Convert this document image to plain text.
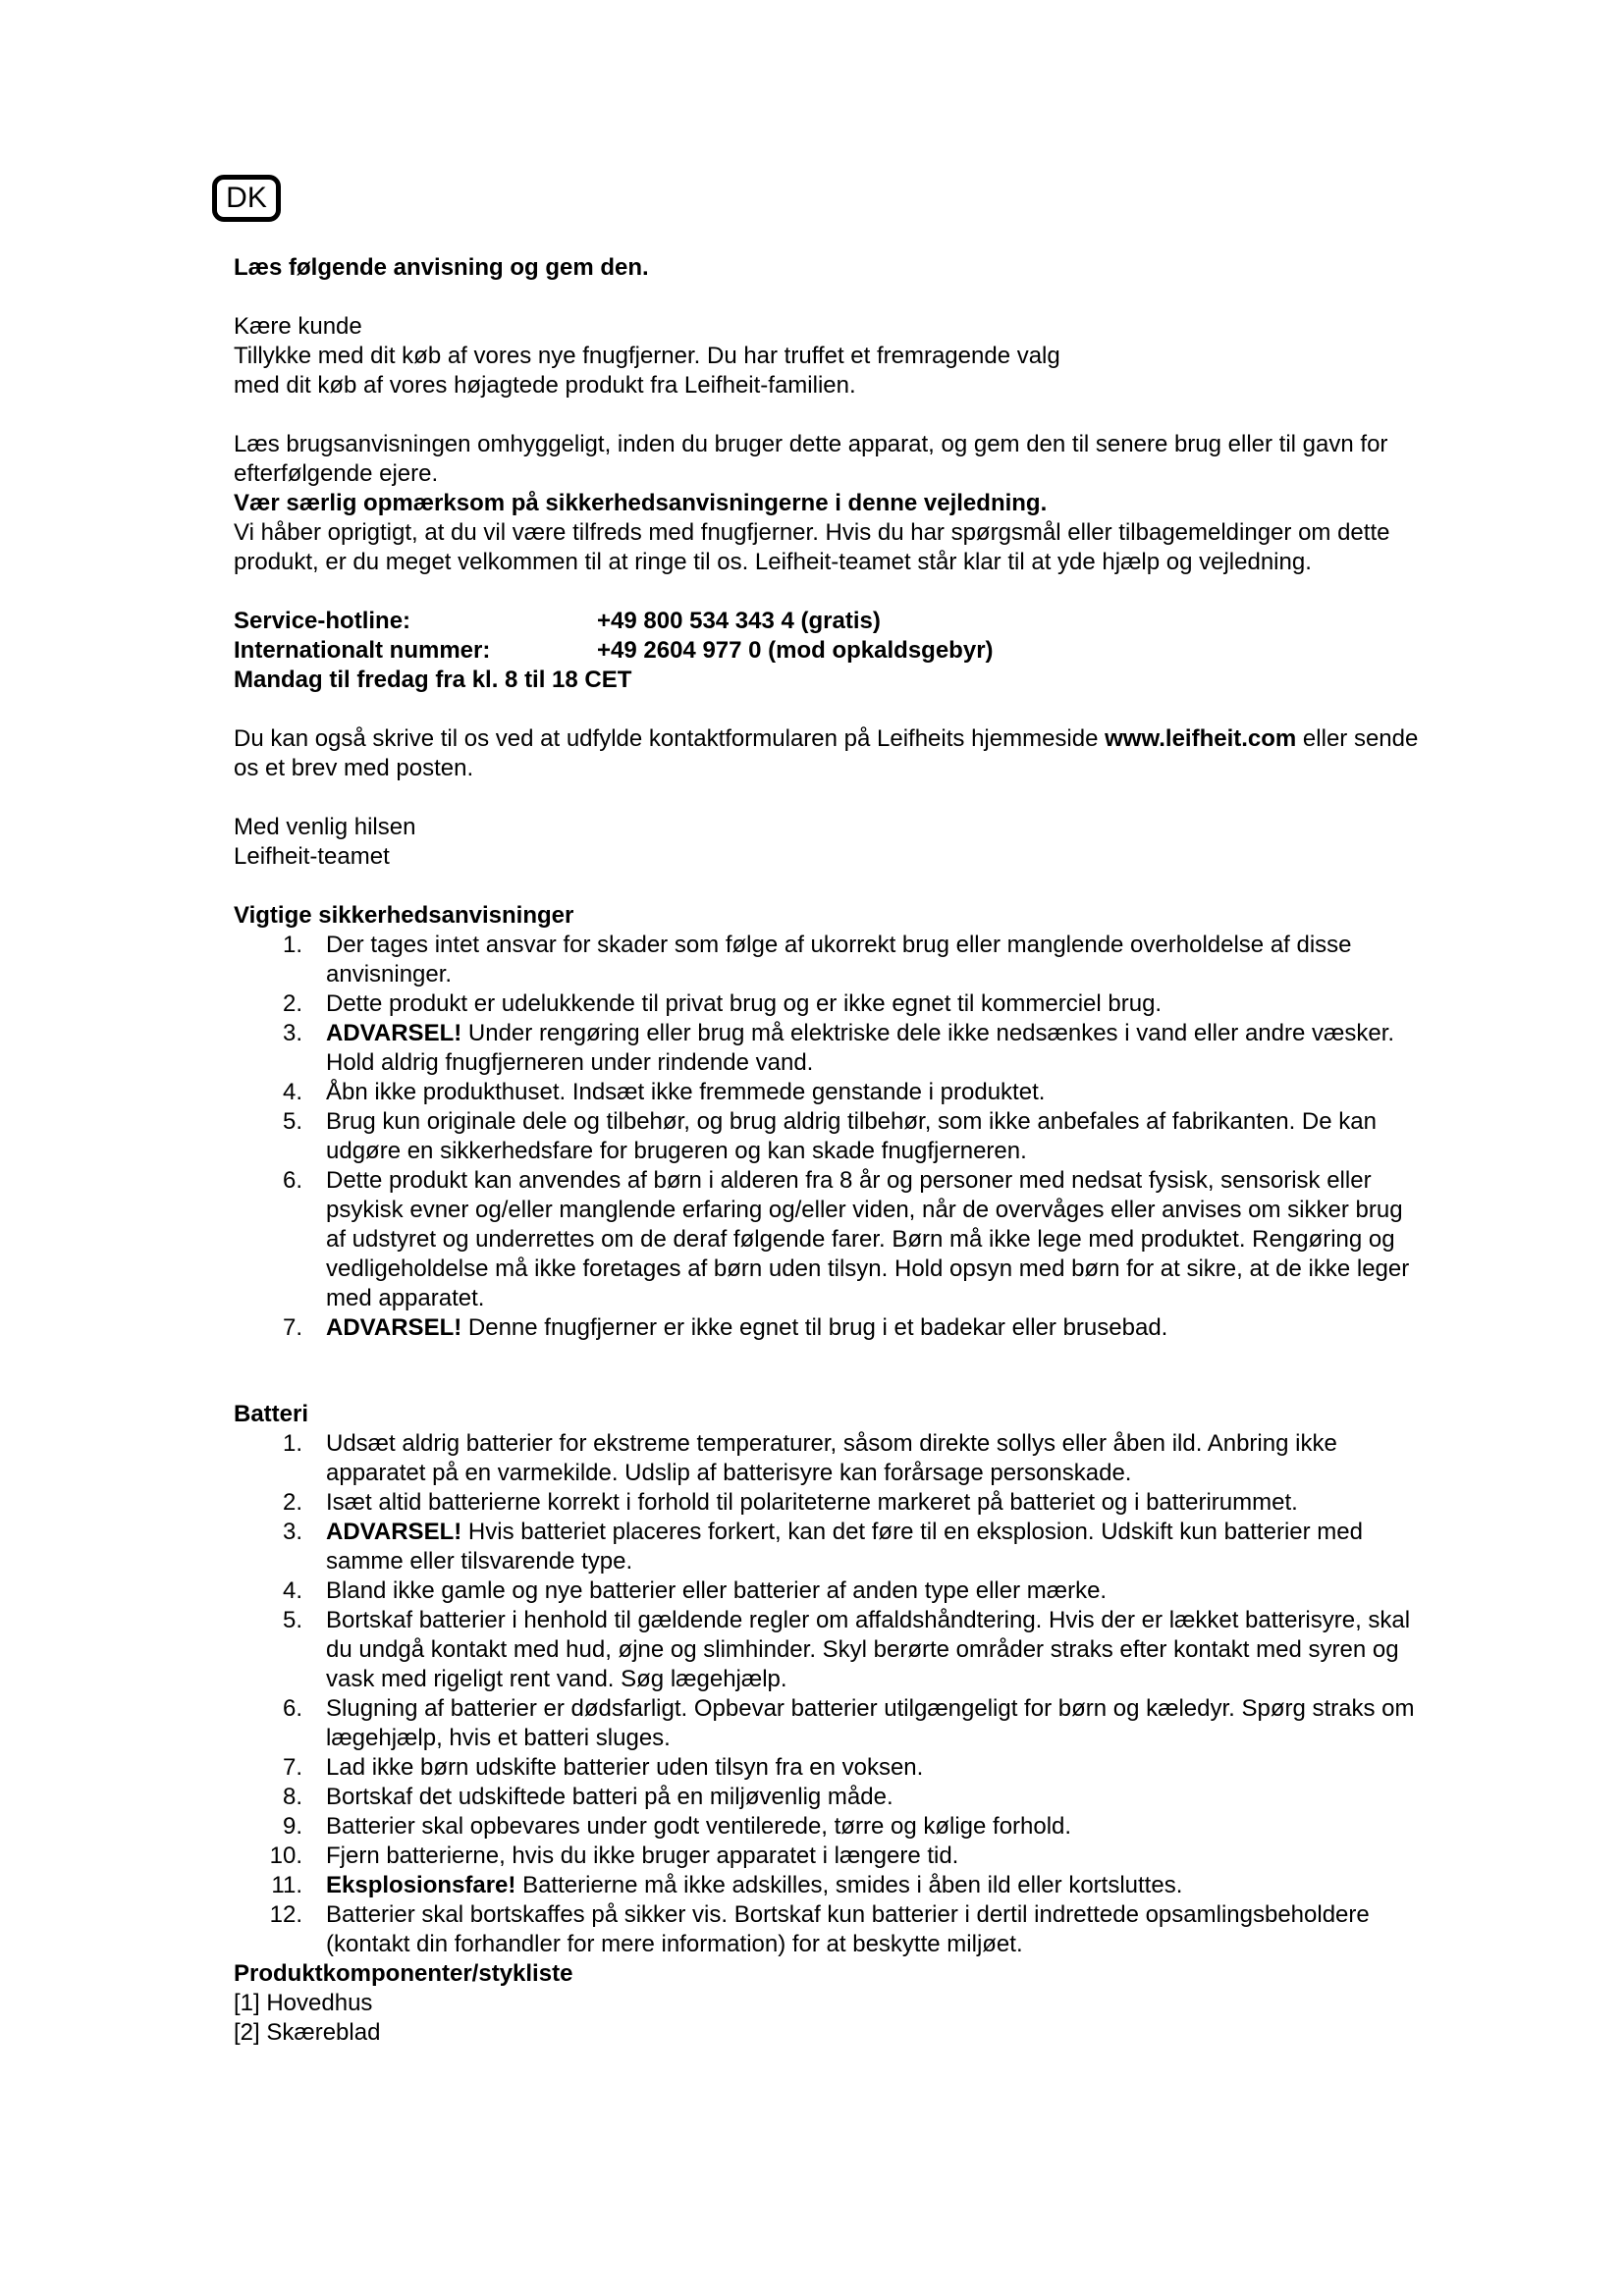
DK

Læs følgende anvisning og gem den.

Kære kunde

Tillykke med dit køb af vores nye fnugfjerner. Du har truffet et fremragende valg

med dit køb af vores højagtede produkt fra Leifheit-familien.

Læs brugsanvisningen omhyggeligt, inden du bruger dette apparat, og gem den til senere brug eller til gavn for efterfølgende ejere.

Vær særlig opmærksom på sikkerhedsanvisningerne i denne vejledning.

Vi håber oprigtigt, at du vil være tilfreds med fnugfjerner. Hvis du har spørgsmål eller tilbagemeldinger om dette produkt, er du meget velkommen til at ringe til os. Leifheit-teamet står klar til at yde hjælp og vejledning.

Service-hotline:	+49 800 534 343 4 (gratis)
Internationalt nummer:	+49 2604 977 0 (mod opkaldsgebyr)

Mandag til fredag fra kl. 8 til 18 CET

Du kan også skrive til os ved at udfylde kontaktformularen på Leifheits hjemmeside www.leifheit.com eller sende os et brev med posten.

Med venlig hilsen

Leifheit-teamet

Vigtige sikkerhedsanvisninger

1. Der tages intet ansvar for skader som følge af ukorrekt brug eller manglende overholdelse af disse anvisninger.
2. Dette produkt er udelukkende til privat brug og er ikke egnet til kommerciel brug.
3. ADVARSEL! Under rengøring eller brug må elektriske dele ikke nedsænkes i vand eller andre væsker. Hold aldrig fnugfjerneren under rindende vand.
4. Åbn ikke produkthuset. Indsæt ikke fremmede genstande i produktet.
5. Brug kun originale dele og tilbehør, og brug aldrig tilbehør, som ikke anbefales af fabrikanten. De kan udgøre en sikkerhedsfare for brugeren og kan skade fnugfjerneren.
6. Dette produkt kan anvendes af børn i alderen fra 8 år og personer med nedsat fysisk, sensorisk eller psykisk evner og/eller manglende erfaring og/eller viden, når de overvåges eller anvises om sikker brug af udstyret og underrettes om de deraf følgende farer. Børn må ikke lege med produktet. Rengøring og vedligeholdelse må ikke foretages af børn uden tilsyn. Hold opsyn med børn for at sikre, at de ikke leger med apparatet.
7. ADVARSEL! Denne fnugfjerner er ikke egnet til brug i et badekar eller brusebad.

Batteri

1. Udsæt aldrig batterier for ekstreme temperaturer, såsom direkte sollys eller åben ild. Anbring ikke apparatet på en varmekilde. Udslip af batterisyre kan forårsage personskade.
2. Isæt altid batterierne korrekt i forhold til polariteterne markeret på batteriet og i batterirummet.
3. ADVARSEL! Hvis batteriet placeres forkert, kan det føre til en eksplosion. Udskift kun batterier med samme eller tilsvarende type.
4. Bland ikke gamle og nye batterier eller batterier af anden type eller mærke.
5. Bortskaf batterier i henhold til gældende regler om affaldshåndtering. Hvis der er lækket batterisyre, skal du undgå kontakt med hud, øjne og slimhinder. Skyl berørte områder straks efter kontakt med syren og vask med rigeligt rent vand. Søg lægehjælp.
6. Slugning af batterier er dødsfarligt. Opbevar batterier utilgængeligt for børn og kæledyr. Spørg straks om lægehjælp, hvis et batteri sluges.
7. Lad ikke børn udskifte batterier uden tilsyn fra en voksen.
8. Bortskaf det udskiftede batteri på en miljøvenlig måde.
9. Batterier skal opbevares under godt ventilerede, tørre og kølige forhold.
10. Fjern batterierne, hvis du ikke bruger apparatet i længere tid.
11. Eksplosionsfare! Batterierne må ikke adskilles, smides i åben ild eller kortsluttes.
12. Batterier skal bortskaffes på sikker vis. Bortskaf kun batterier i dertil indrettede opsamlingsbeholdere (kontakt din forhandler for mere information) for at beskytte miljøet.

Produktkomponenter/stykliste

[1] Hovedhus

[2] Skæreblad
